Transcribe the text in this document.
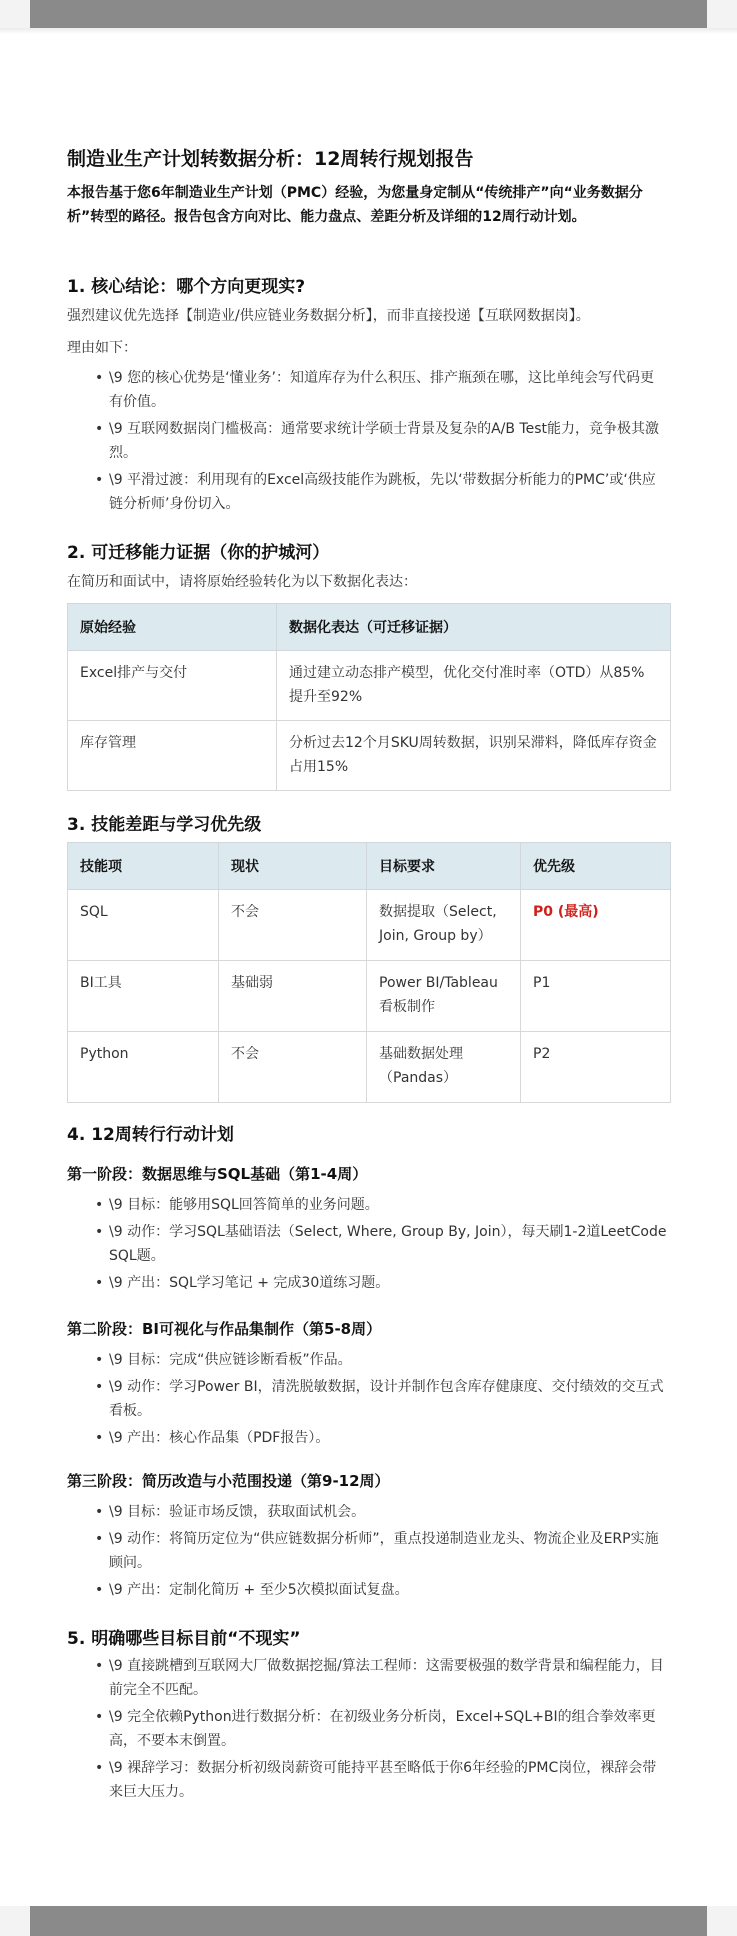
制造业生产计划转数据分析：12周转行规划报告
本报告基于您6年制造业生产计划（PMC）经验，为您量身定制从“传统排产”向“业务数据分析”转型的路径。报告包含方向对比、能力盘点、差距分析及详细的12周行动计划。
1. 核心结论：哪个方向更现实?
强烈建议优先选择【制造业/供应链业务数据分析】，而非直接投递【互联网数据岗】。
理由如下：
• \9 您的核心优势是‘懂业务’：知道库存为什么积压、排产瓶颈在哪，这比单纯会写代码更有价值。
• \9 互联网数据岗门槛极高：通常要求统计学硕士背景及复杂的A/B Test能力，竞争极其激烈。
• \9 平滑过渡：利用现有的Excel高级技能作为跳板，先以‘带数据分析能力的PMC’或‘供应链分析师’身份切入。
2. 可迁移能力证据（你的护城河）
在简历和面试中，请将原始经验转化为以下数据化表达：
原始经验	数据化表达（可迁移证据）
Excel排产与交付	通过建立动态排产模型，优化交付准时率（OTD）从85%提升至92%
库存管理	分析过去12个月SKU周转数据，识别呆滞料，降低库存资金占用15%
3. 技能差距与学习优先级
技能项	现状	目标要求	优先级
SQL	不会	数据提取（Select, Join, Group by）	P0 (最高)
BI工具	基础弱	Power BI/Tableau看板制作	P1
Python	不会	基础数据处理（Pandas）	P2
4. 12周转行行动计划
第一阶段：数据思维与SQL基础（第1-4周）
• \9 目标：能够用SQL回答简单的业务问题。
• \9 动作：学习SQL基础语法（Select, Where, Group By, Join），每天刷1-2道LeetCode SQL题。
• \9 产出：SQL学习笔记 + 完成30道练习题。
第二阶段：BI可视化与作品集制作（第5-8周）
• \9 目标：完成“供应链诊断看板”作品。
• \9 动作：学习Power BI，清洗脱敏数据，设计并制作包含库存健康度、交付绩效的交互式看板。
• \9 产出：核心作品集（PDF报告）。
第三阶段：简历改造与小范围投递（第9-12周）
• \9 目标：验证市场反馈，获取面试机会。
• \9 动作：将简历定位为“供应链数据分析师”，重点投递制造业龙头、物流企业及ERP实施顾问。
• \9 产出：定制化简历 + 至少5次模拟面试复盘。
5. 明确哪些目标目前“不现实”
• \9 直接跳槽到互联网大厂做数据挖掘/算法工程师：这需要极强的数学背景和编程能力，目前完全不匹配。
• \9 完全依赖Python进行数据分析：在初级业务分析岗，Excel+SQL+BI的组合拳效率更高，不要本末倒置。
• \9 裸辞学习：数据分析初级岗薪资可能持平甚至略低于你6年经验的PMC岗位，裸辞会带来巨大压力。
